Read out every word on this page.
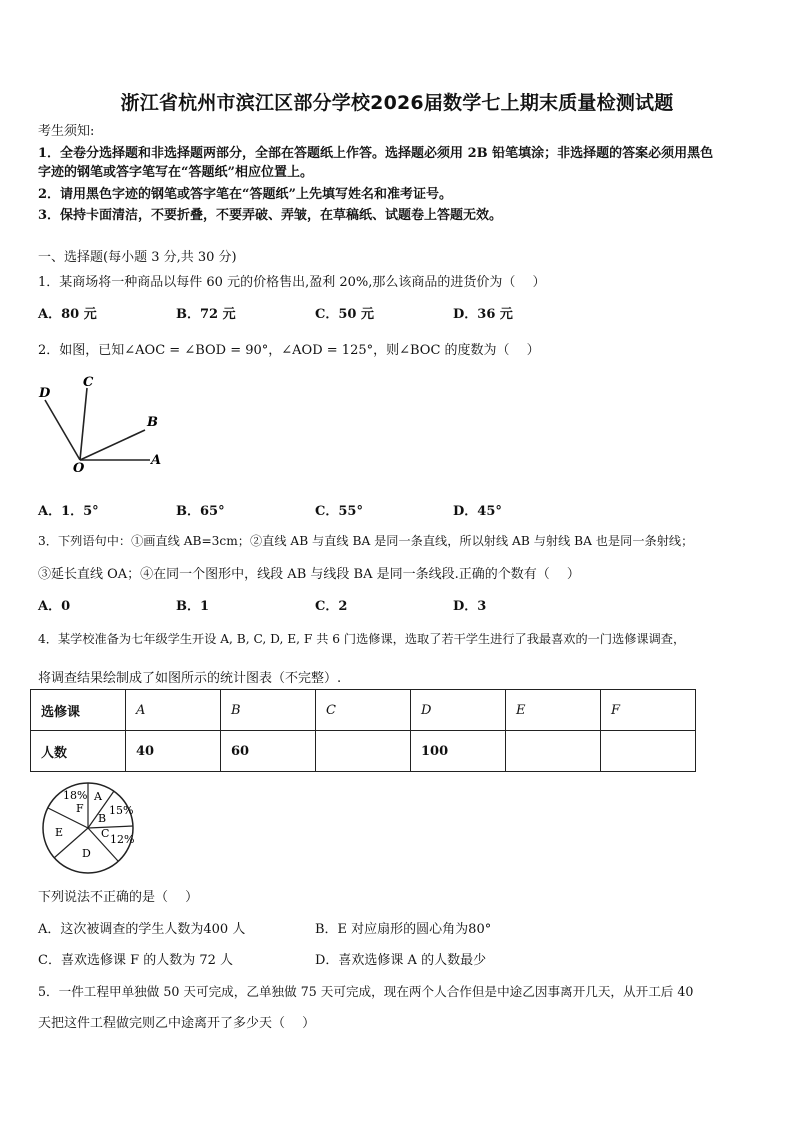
浙江省杭州市滨江区部分学校2026届数学七上期末质量检测试题
考生须知:
1．全卷分选择题和非选择题两部分，全部在答题纸上作答。选择题必须用 2B 铅笔填涂；非选择题的答案必须用黑色
字迹的钢笔或答字笔写在“答题纸”相应位置上。
2．请用黑色字迹的钢笔或答字笔在“答题纸”上先填写姓名和准考证号。
3．保持卡面清洁，不要折叠，不要弄破、弄皱，在草稿纸、试题卷上答题无效。
一、选择题(每小题 3 分,共 30 分)
1．某商场将一种商品以每件 60 元的价格售出,盈利 20%,那么该商品的进货价为（　 ）
A．80 元	B．72 元	C．50 元	D．36 元
2．如图，已知∠AOC = ∠BOD = 90°，∠AOD = 125°，则∠BOC 的度数为（　 ）
D
C
B
O
A
A．1．5°	B．65°	C．55°	D．45°
3．下列语句中：①画直线 AB=3cm；②直线 AB 与直线 BA 是同一条直线，所以射线 AB 与射线 BA 也是同一条射线；
③延长直线 OA；④在同一个图形中，线段 AB 与线段 BA 是同一条线段.正确的个数有（　 ）
A．0	B．1	C．2	D．3
4．某学校准备为七年级学生开设 A, B, C, D, E, F 共 6 门选修课，选取了若干学生进行了我最喜欢的一门选修课调查，
将调查结果绘制成了如图所示的统计图表（不完整）.
选修课	A	B	C	D	E	F
人数	40	60		100		
18% A
15%
F
B
C 12%
E
D
下列说法不正确的是（　 ）
A．这次被调查的学生人数为400 人	B．E 对应扇形的圆心角为80°
C．喜欢选修课 F 的人数为 72 人	D．喜欢选修课 A 的人数最少
5．一件工程甲单独做 50 天可完成，乙单独做 75 天可完成，现在两个人合作但是中途乙因事离开几天，从开工后 40
天把这件工程做完则乙中途离开了多少天（　 ）
